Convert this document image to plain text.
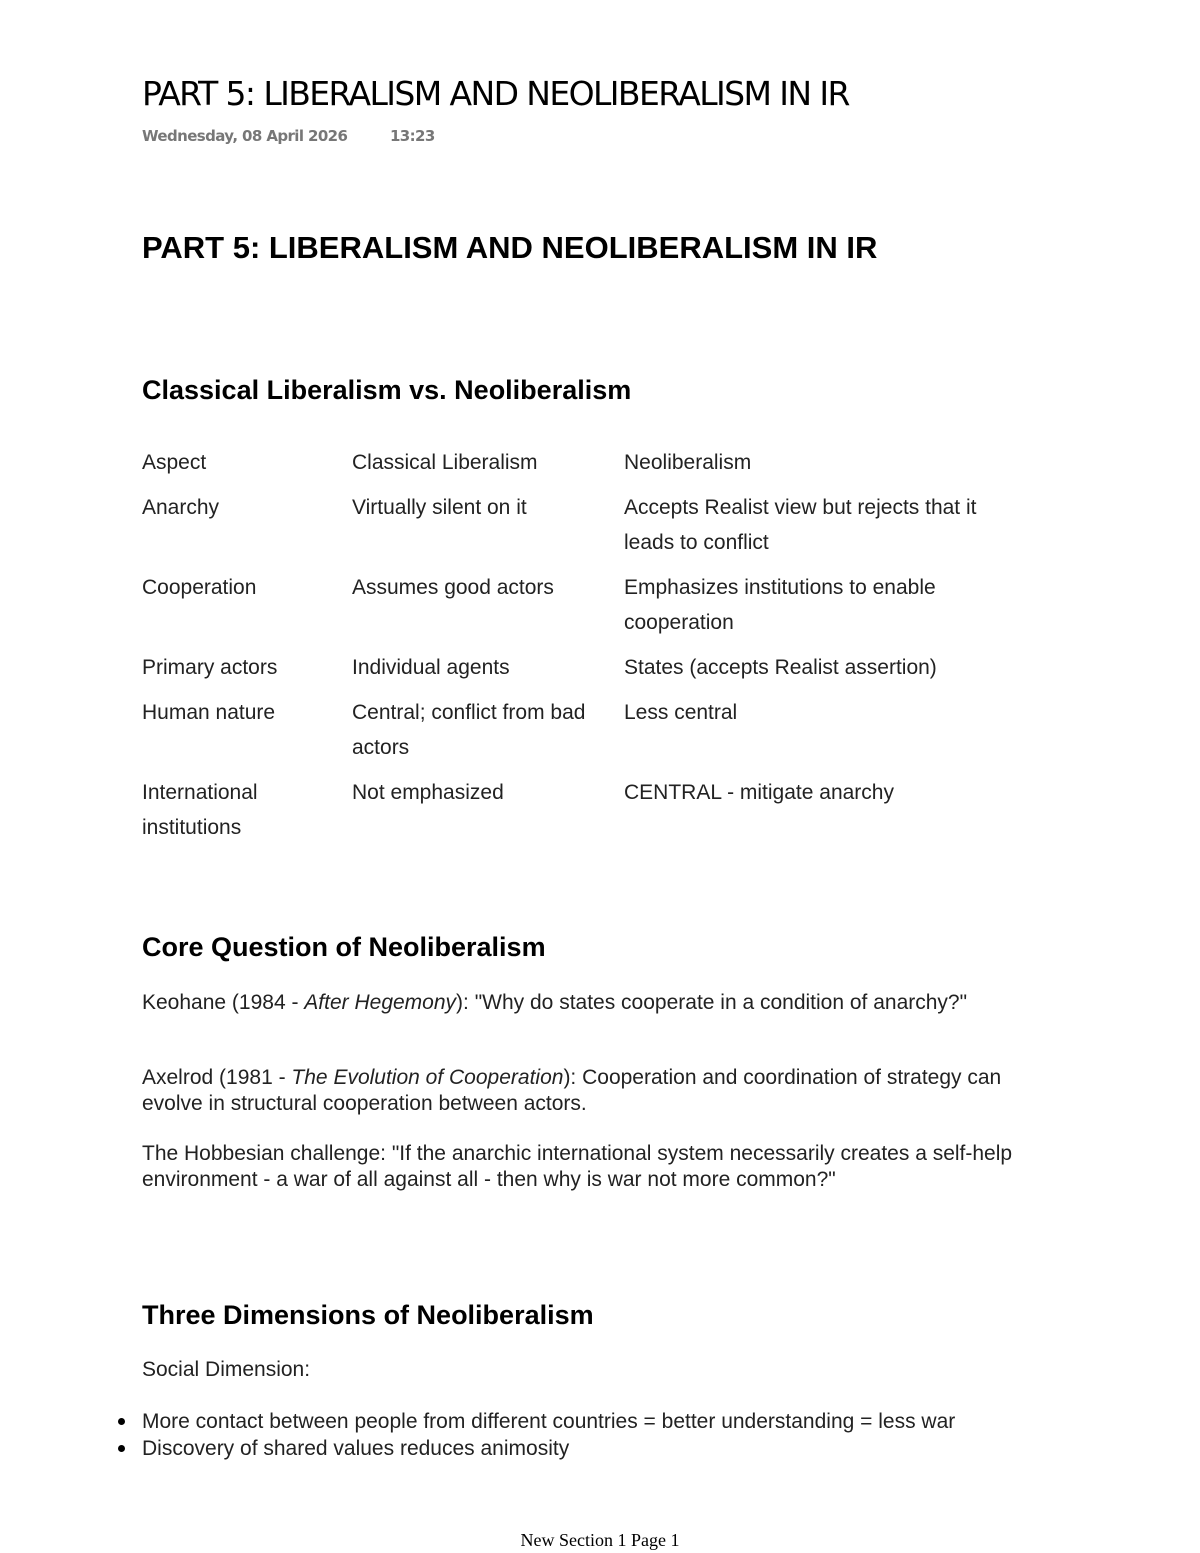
PART 5: LIBERALISM AND NEOLIBERALISM IN IR
Wednesday, 08 April 2026	13:23
PART 5: LIBERALISM AND NEOLIBERALISM IN IR
Classical Liberalism vs. Neoliberalism
Aspect	Classical Liberalism	Neoliberalism
Anarchy	Virtually silent on it	Accepts Realist view but rejects that it leads to conflict
Cooperation	Assumes good actors	Emphasizes institutions to enable cooperation
Primary actors	Individual agents	States (accepts Realist assertion)
Human nature	Central; conflict from bad actors	Less central
International institutions	Not emphasized	CENTRAL - mitigate anarchy
Core Question of Neoliberalism

Keohane (1984 - After Hegemony): "Why do states cooperate in a condition of anarchy?"

Axelrod (1981 - The Evolution of Cooperation): Cooperation and coordination of strategy can evolve in structural cooperation between actors.

The Hobbesian challenge: "If the anarchic international system necessarily creates a self-help environment - a war of all against all - then why is war not more common?"

Three Dimensions of Neoliberalism

Social Dimension:

More contact between people from different countries = better understanding = less war
Discovery of shared values reduces animosity
New Section 1 Page 1
